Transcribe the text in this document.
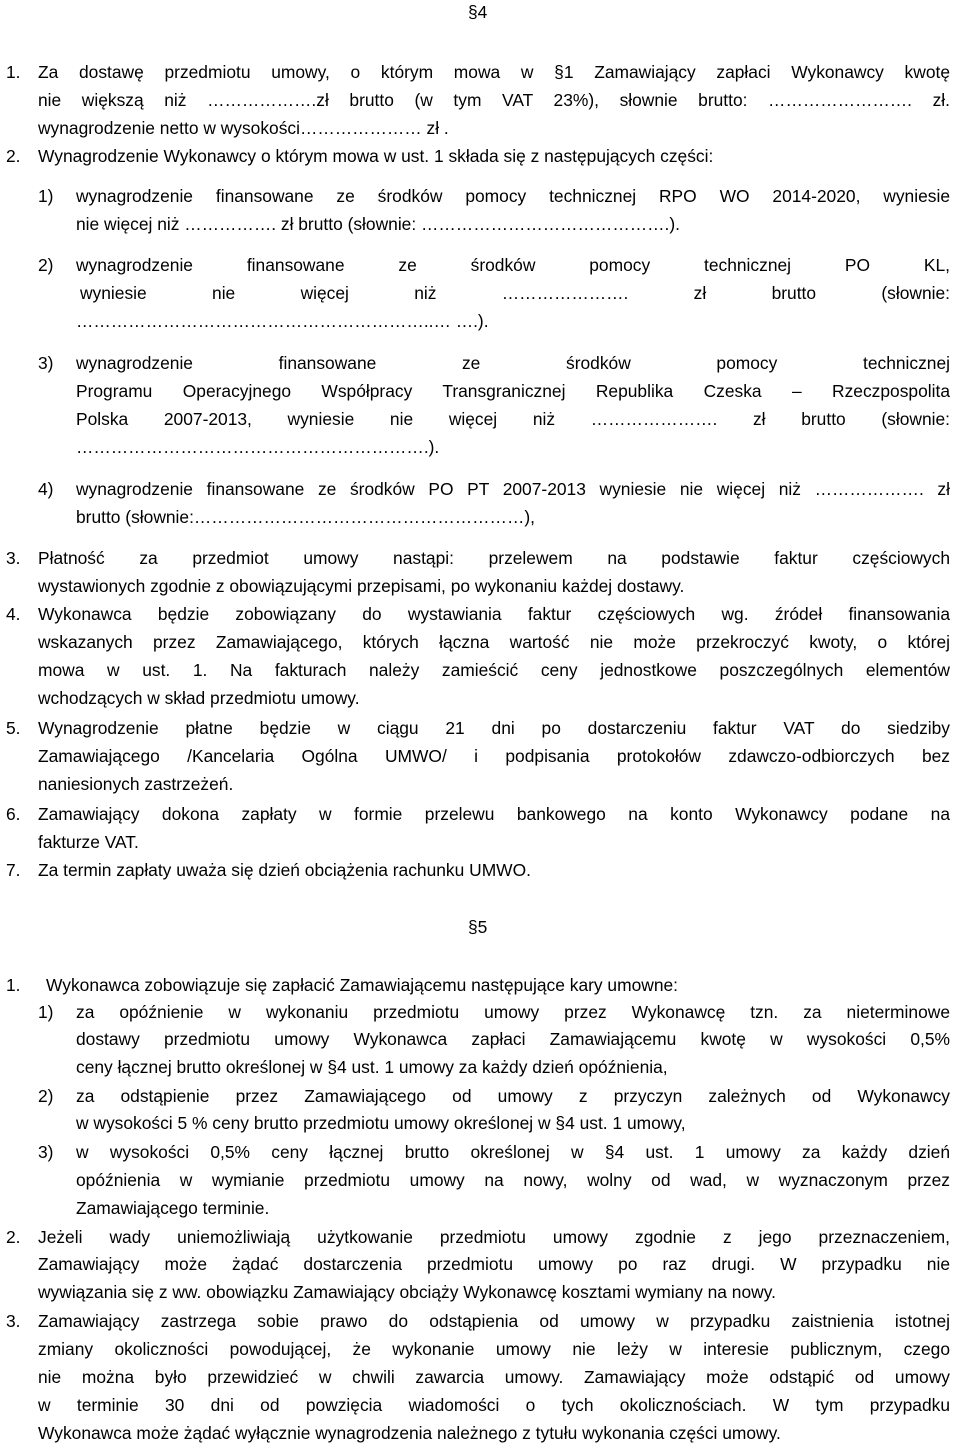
§4
1. Za dostawę przedmiotu umowy, o którym mowa w §1 Zamawiający zapłaci Wykonawcy kwotę
nie większą niż ……………….zł brutto (w tym VAT 23%), słownie brutto: ……………………. zł.
wynagrodzenie netto w wysokości………………… zł .
2. Wynagrodzenie Wykonawcy o którym mowa w ust. 1 składa się z następujących części:
1) wynagrodzenie finansowane ze środków pomocy technicznej RPO WO 2014-2020, wyniesie
nie więcej niż ……………. zł brutto (słownie: …………………………………….).
2) wynagrodzenie finansowane ze środków pomocy technicznej PO KL,
wyniesie nie więcej niż …………………. zł brutto (słownie:
……………………………………………………..… ….).
3) wynagrodzenie finansowane ze środków pomocy technicznej
Programu Operacyjnego Współpracy Transgranicznej Republika Czeska – Rzeczpospolita
Polska 2007-2013, wyniesie nie więcej niż …………………. zł brutto (słownie:
…………………………………………………….).
4) wynagrodzenie finansowane ze środków PO PT 2007-2013 wyniesie nie więcej niż ………………. zł
brutto (słownie:…………………………………………………),
3. Płatność za przedmiot umowy nastąpi: przelewem na podstawie faktur częściowych
wystawionych zgodnie z obowiązującymi przepisami, po wykonaniu każdej dostawy.
4. Wykonawca będzie zobowiązany do wystawiania faktur częściowych wg. źródeł finansowania
wskazanych przez Zamawiającego, których łączna wartość nie może przekroczyć kwoty, o której
mowa w ust. 1. Na fakturach należy zamieścić ceny jednostkowe poszczególnych elementów
wchodzących w skład przedmiotu umowy.
5. Wynagrodzenie płatne będzie w ciągu 21 dni po dostarczeniu faktur VAT do siedziby
Zamawiającego /Kancelaria Ogólna UMWO/ i podpisania protokołów zdawczo-odbiorczych bez
naniesionych zastrzeżeń.
6. Zamawiający dokona zapłaty w formie przelewu bankowego na konto Wykonawcy podane na
fakturze VAT.
7. Za termin zapłaty uważa się dzień obciążenia rachunku UMWO.
§5
1. Wykonawca zobowiązuje się zapłacić Zamawiającemu następujące kary umowne:
1) za opóźnienie w wykonaniu przedmiotu umowy przez Wykonawcę tzn. za nieterminowe
dostawy przedmiotu umowy Wykonawca zapłaci Zamawiającemu kwotę w wysokości 0,5%
ceny łącznej brutto określonej w §4 ust. 1 umowy za każdy dzień opóźnienia,
2) za odstąpienie przez Zamawiającego od umowy z przyczyn zależnych od Wykonawcy
w wysokości 5 % ceny brutto przedmiotu umowy określonej w §4 ust. 1 umowy,
3) w wysokości 0,5% ceny łącznej brutto określonej w §4 ust. 1 umowy za każdy dzień
opóźnienia w wymianie przedmiotu umowy na nowy, wolny od wad, w wyznaczonym przez
Zamawiającego terminie.
2. Jeżeli wady uniemożliwiają użytkowanie przedmiotu umowy zgodnie z jego przeznaczeniem,
Zamawiający może żądać dostarczenia przedmiotu umowy po raz drugi. W przypadku nie
wywiązania się z ww. obowiązku Zamawiający obciąży Wykonawcę kosztami wymiany na nowy.
3. Zamawiający zastrzega sobie prawo do odstąpienia od umowy w przypadku zaistnienia istotnej
zmiany okoliczności powodującej, że wykonanie umowy nie leży w interesie publicznym, czego
nie można było przewidzieć w chwili zawarcia umowy. Zamawiający może odstąpić od umowy
w terminie 30 dni od powzięcia wiadomości o tych okolicznościach. W tym przypadku
Wykonawca może żądać wyłącznie wynagrodzenia należnego z tytułu wykonania części umowy.
